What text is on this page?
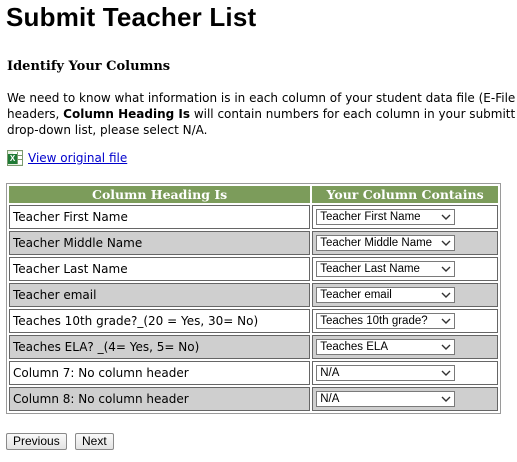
Submit Teacher List
Identify Your Columns
We need to know what information is in each column of your student data file (E-File
headers, Column Heading Is will contain numbers for each column in your submitt
drop-down list, please select N/A.
X View original file
Column Heading Is	Your Column Contains
Teacher First Name	Teacher First Name

Teacher Middle Name	Teacher Middle Name

Teacher Last Name	Teacher Last Name

Teacher email	Teacher email

Teaches 10th grade?_(20 = Yes, 30= No)	Teaches 10th grade?

Teaches ELA? _(4= Yes, 5= No)	Teaches ELA

Column 7: No column header	N/A

Column 8: No column header	N/A
Previous	Next
